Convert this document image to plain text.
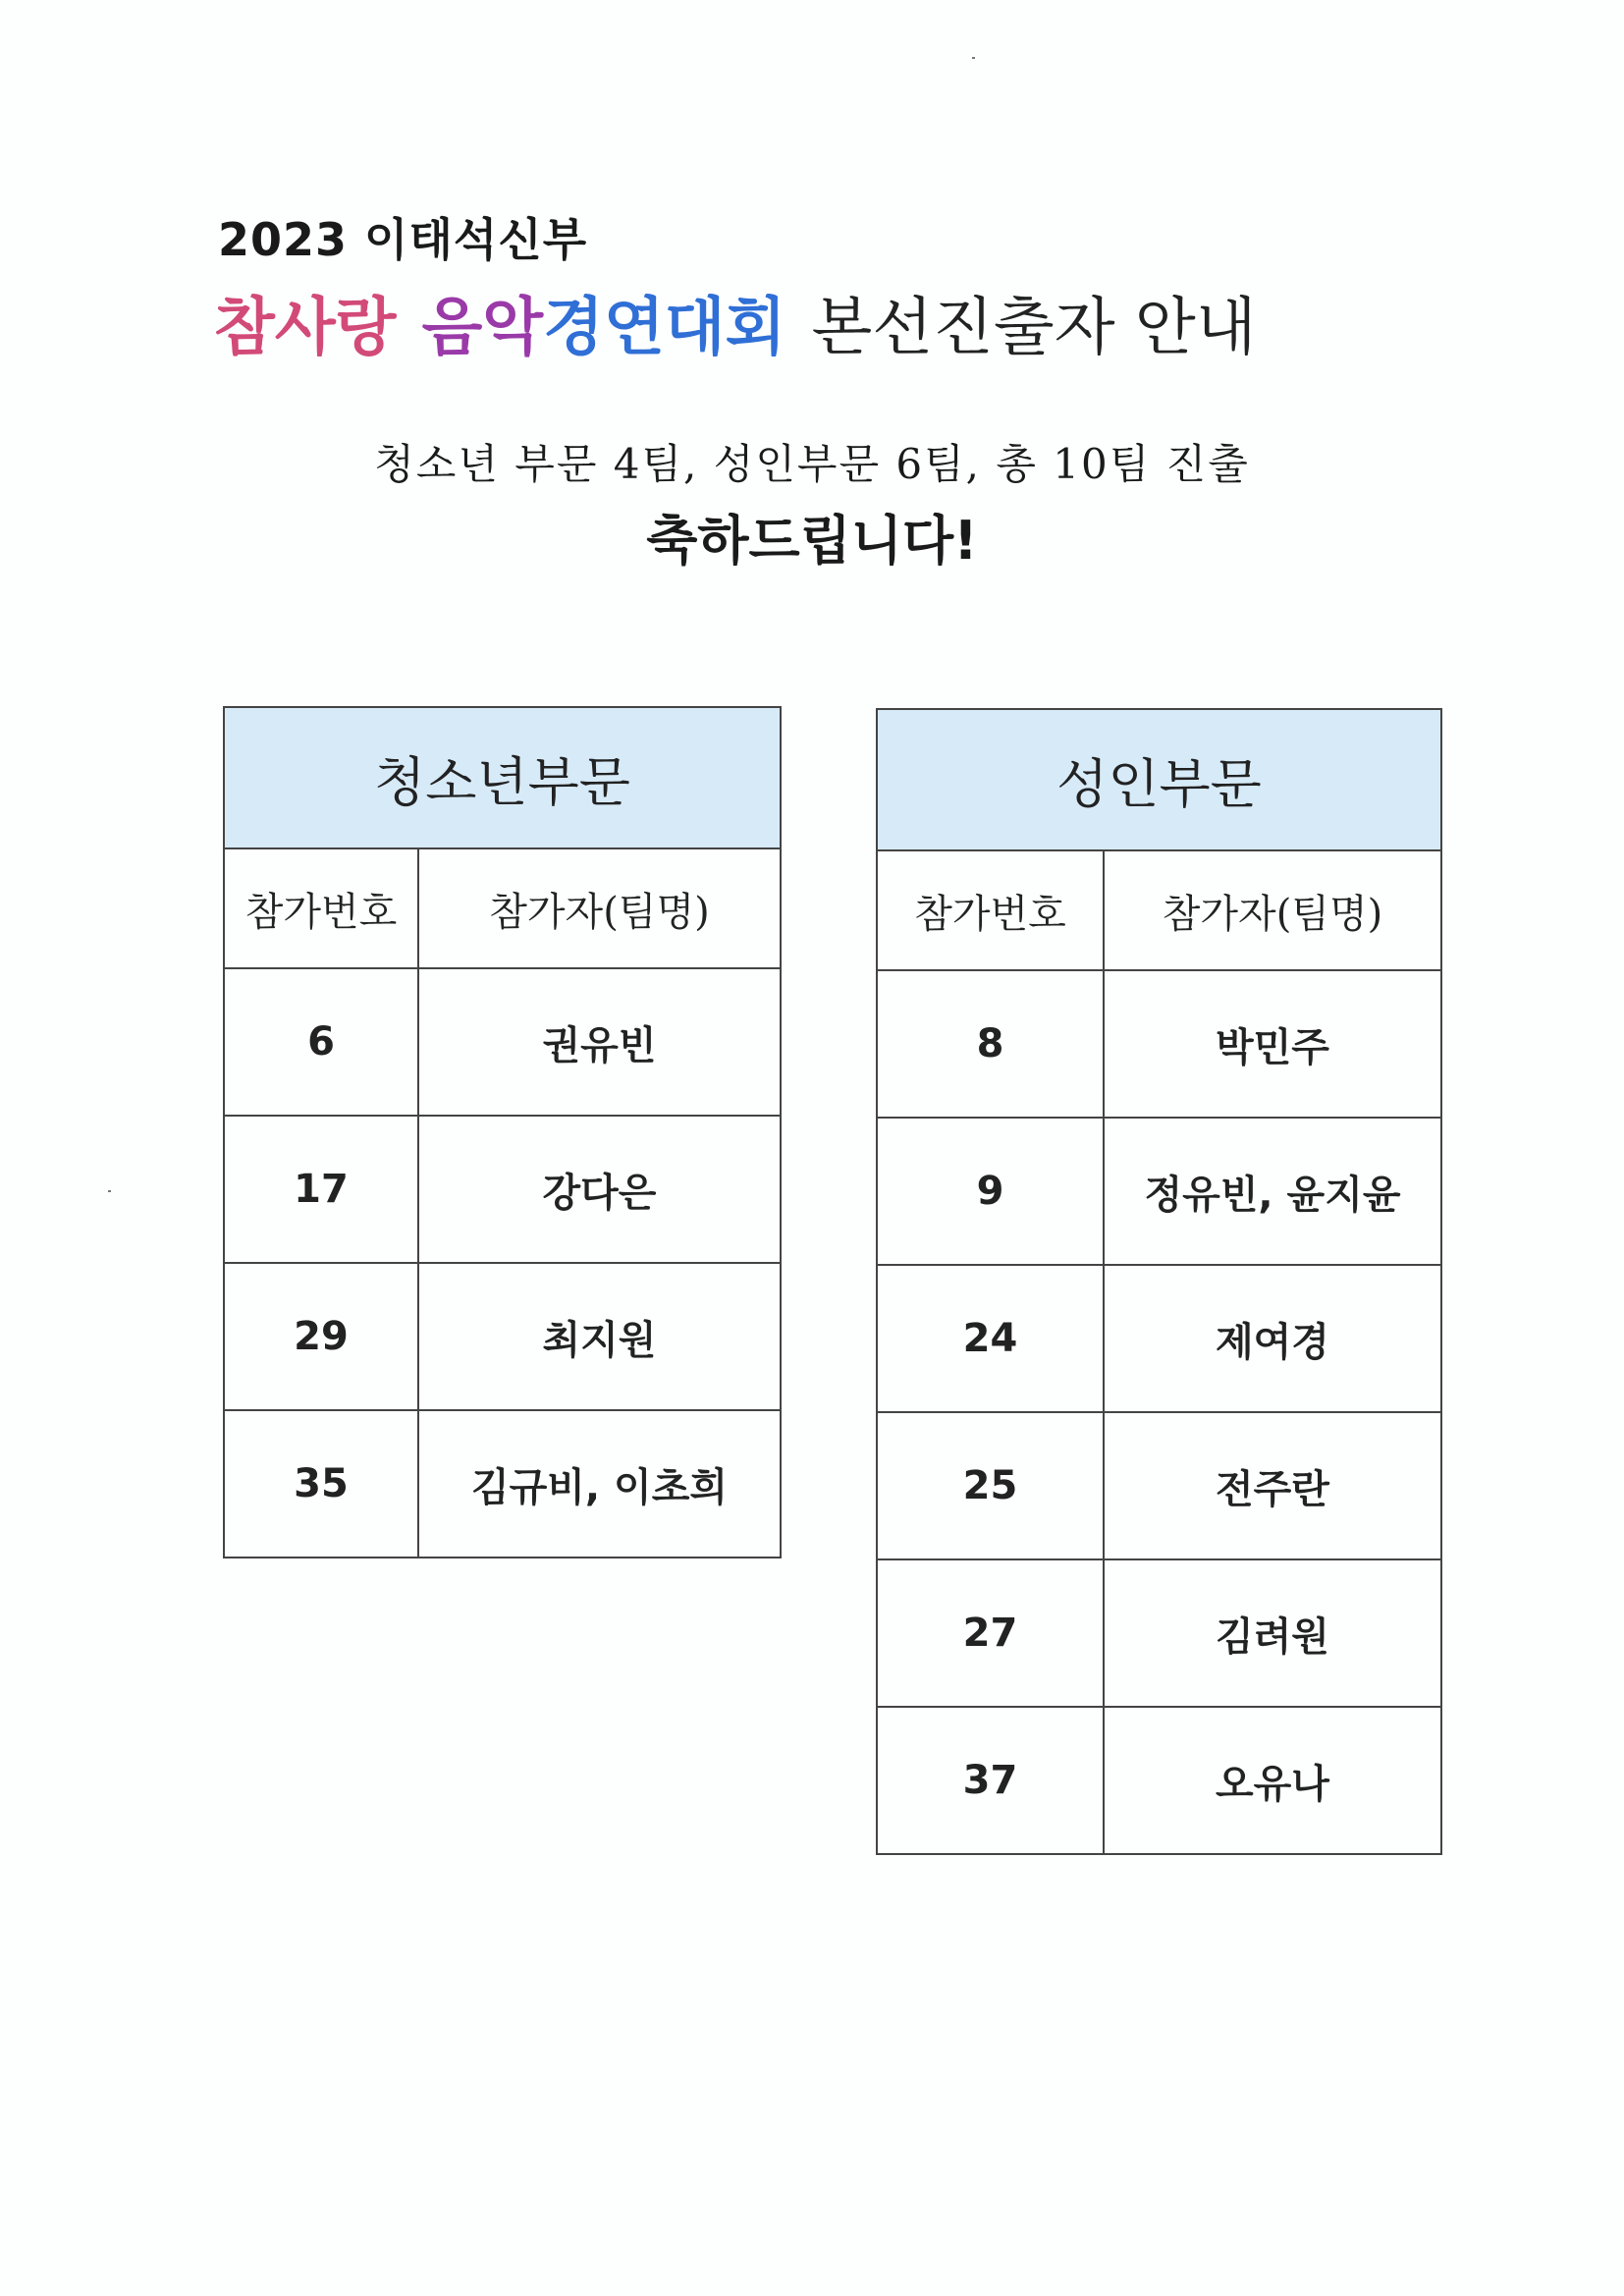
2023 이태석신부
참사랑 음악경연대회 본선진출자 안내
청소년 부문 4팀, 성인부문 6팀, 총 10팀 진출
축하드립니다!
청소년부문	
참가번호	참가자(팀명)
6	권유빈
17	강다은
29	최지원
35	김규비, 이초희
성인부문	
참가번호	참가자(팀명)
8	박민주
9	정유빈, 윤지윤
24	제여경
25	전주란
27	김려원
37	오유나
